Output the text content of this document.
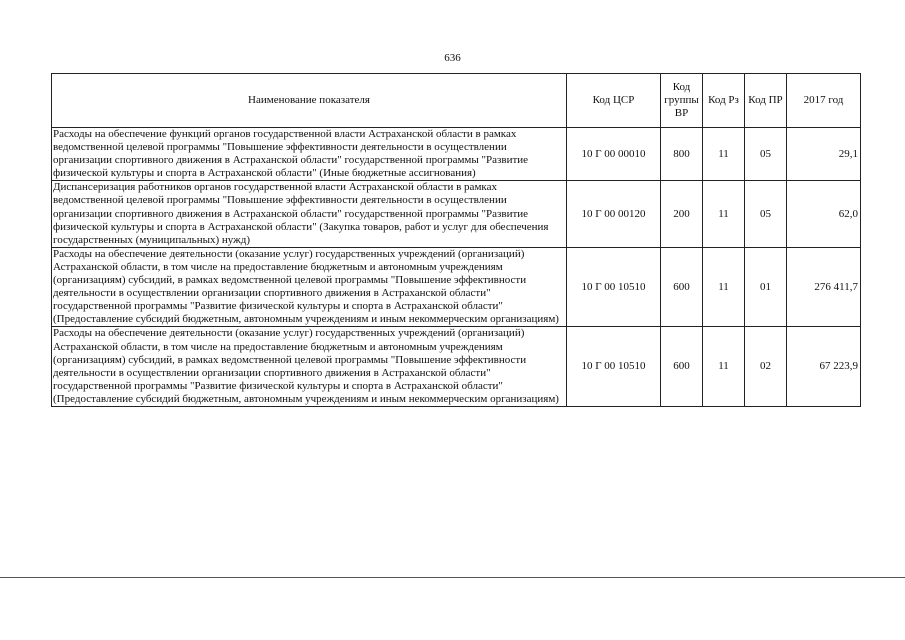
636
Наименование показателя	Код ЦСР	Код группы ВР	Код Рз	Код ПР	2017 год
Расходы на обеспечение функций органов государственной власти Астраханской области в рамках ведомственной целевой программы "Повышение эффективности деятельности в осуществлении организации спортивного движения в Астраханской области" государственной программы "Развитие физической культуры и спорта в Астраханской области" (Иные бюджетные ассигнования)	10 Г 00 00010	800	11	05	29,1
Диспансеризация работников органов государственной власти Астраханской области в рамках ведомственной целевой программы "Повышение эффективности деятельности в осуществлении организации спортивного движения в Астраханской области" государственной программы "Развитие физической культуры и спорта в Астраханской области" (Закупка товаров, работ и услуг для обеспечения государственных (муниципальных) нужд)	10 Г 00 00120	200	11	05	62,0
Расходы на обеспечение деятельности (оказание услуг) государственных учреждений (организаций) Астраханской области, в том числе на предоставление бюджетным и автономным учреждениям (организациям) субсидий, в рамках ведомственной целевой программы "Повышение эффективности деятельности в осуществлении организации спортивного движения в Астраханской области" государственной программы "Развитие физической культуры и спорта в Астраханской области" (Предоставление субсидий бюджетным, автономным учреждениям и иным некоммерческим организациям)	10 Г 00 10510	600	11	01	276 411,7
Расходы на обеспечение деятельности (оказание услуг) государственных учреждений (организаций) Астраханской области, в том числе на предоставление бюджетным и автономным учреждениям (организациям) субсидий, в рамках ведомственной целевой программы "Повышение эффективности деятельности в осуществлении организации спортивного движения в Астраханской области" государственной программы "Развитие физической культуры и спорта в Астраханской области" (Предоставление субсидий бюджетным, автономным учреждениям и иным некоммерческим организациям)	10 Г 00 10510	600	11	02	67 223,9
